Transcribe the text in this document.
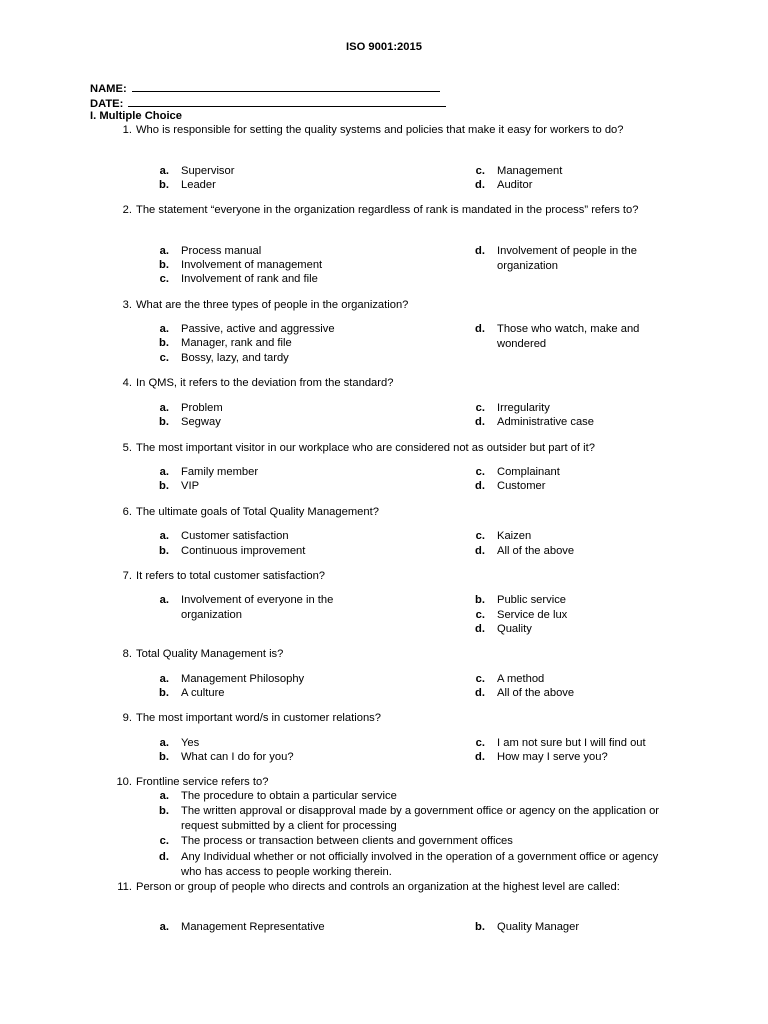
ISO 9001:2015
NAME:
DATE:
I. Multiple Choice
1. Who is responsible for setting the quality systems and policies that make it easy for workers to do?
a. Supervisor
b. Leader
c. Management
d. Auditor
2. The statement “everyone in the organization regardless of rank is mandated in the process” refers to?
a. Process manual
b. Involvement of management
c. Involvement of rank and file
d. Involvement of people in the organization
3. What are the three types of people in the organization?
a. Passive, active and aggressive
b. Manager, rank and file
c. Bossy, lazy, and tardy
d. Those who watch, make and wondered
4. In QMS, it refers to the deviation from the standard?
a. Problem
b. Segway
c. Irregularity
d. Administrative case
5. The most important visitor in our workplace who are considered not as outsider but part of it?
a. Family member
b. VIP
c. Complainant
d. Customer
6. The ultimate goals of Total Quality Management?
a. Customer satisfaction
b. Continuous improvement
c. Kaizen
d. All of the above
7. It refers to total customer satisfaction?
a. Involvement of everyone in the organization
b. Public service
c. Service de lux
d. Quality
8. Total Quality Management is?
a. Management Philosophy
b. A culture
c. A method
d. All of the above
9. The most important word/s in customer relations?
a. Yes
b. What can I do for you?
c. I am not sure but I will find out
d. How may I serve you?
10. Frontline service refers to?
a. The procedure to obtain a particular service
b. The written approval or disapproval made by a government office or agency on the application or request submitted by a client for processing
c. The process or transaction between clients and government offices
d. Any Individual whether or not officially involved in the operation of a government office or agency who has access to people working therein.
11. Person or group of people who directs and controls an organization at the highest level are called:
a. Management Representative	b. Quality Manager
